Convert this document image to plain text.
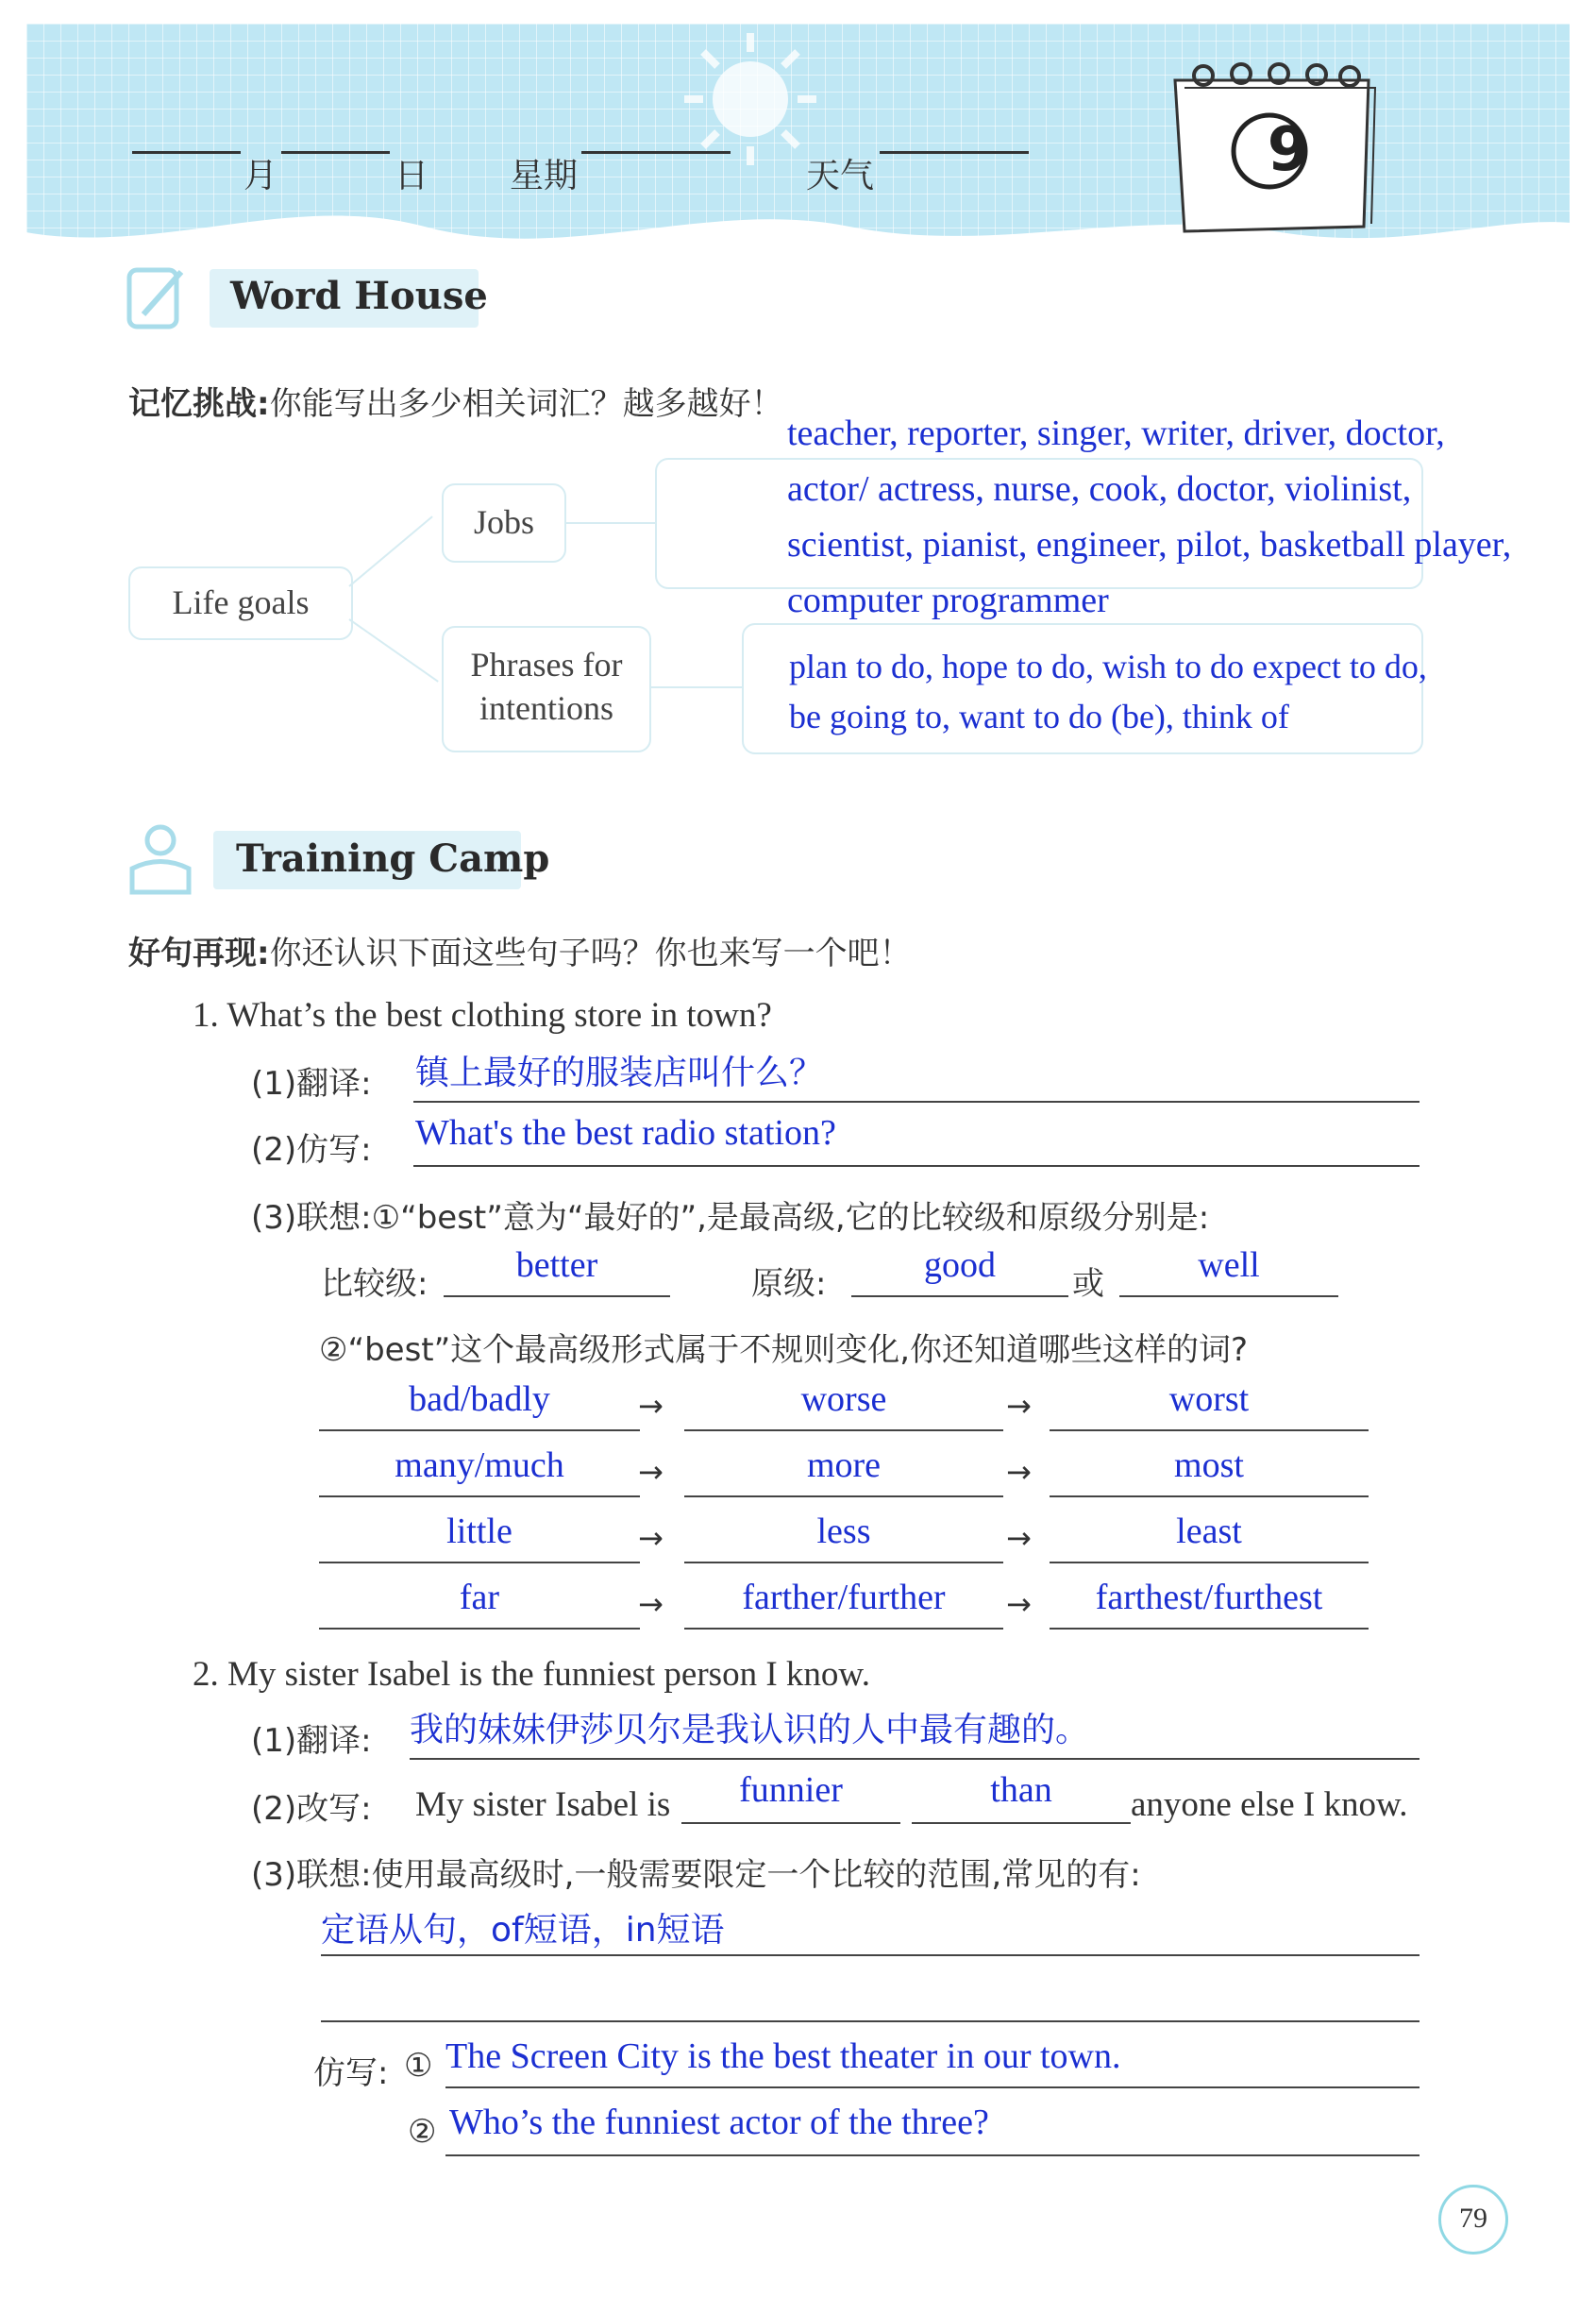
9
月	日 星期	天气
Word House
记忆挑战:你能写出多少相关词汇？越多越好！
Life goals
Jobs
Phrases for
intentions
teacher, reporter, singer, writer, driver, doctor,
actor/ actress, nurse, cook, doctor, violinist,
scientist, pianist, engineer, pilot, basketball player,
computer programmer
plan to do, hope to do, wish to do expect to do,
be going to, want to do (be), think of
Training Camp
好句再现:你还认识下面这些句子吗？你也来写一个吧！
1. What’s the best clothing store in town?
(1)翻译: 镇上最好的服装店叫什么？
(2)仿写: What's the best radio station?
(3)联想:①“best”意为“最好的”,是最高级,它的比较级和原级分别是:
比较级:	better	原级:	good	或	well
②“best”这个最高级形式属于不规则变化,你还知道哪些这样的词?
bad/badly	→	worse	→	worst
many/much	→	more	→	most
little	→	less	→	least
far	→	farther/further	→	farthest/furthest
2. My sister Isabel is the funniest person I know.
(1)翻译: 我的妹妹伊莎贝尔是我认识的人中最有趣的。
(2)改写: My sister Isabel is	funnier	than	anyone else I know.
(3)联想:使用最高级时,一般需要限定一个比较的范围,常见的有:
定语从句，of短语，in短语
仿写: ① The Screen City is the best theater in our town.
② Who’s the funniest actor of the three?
79
